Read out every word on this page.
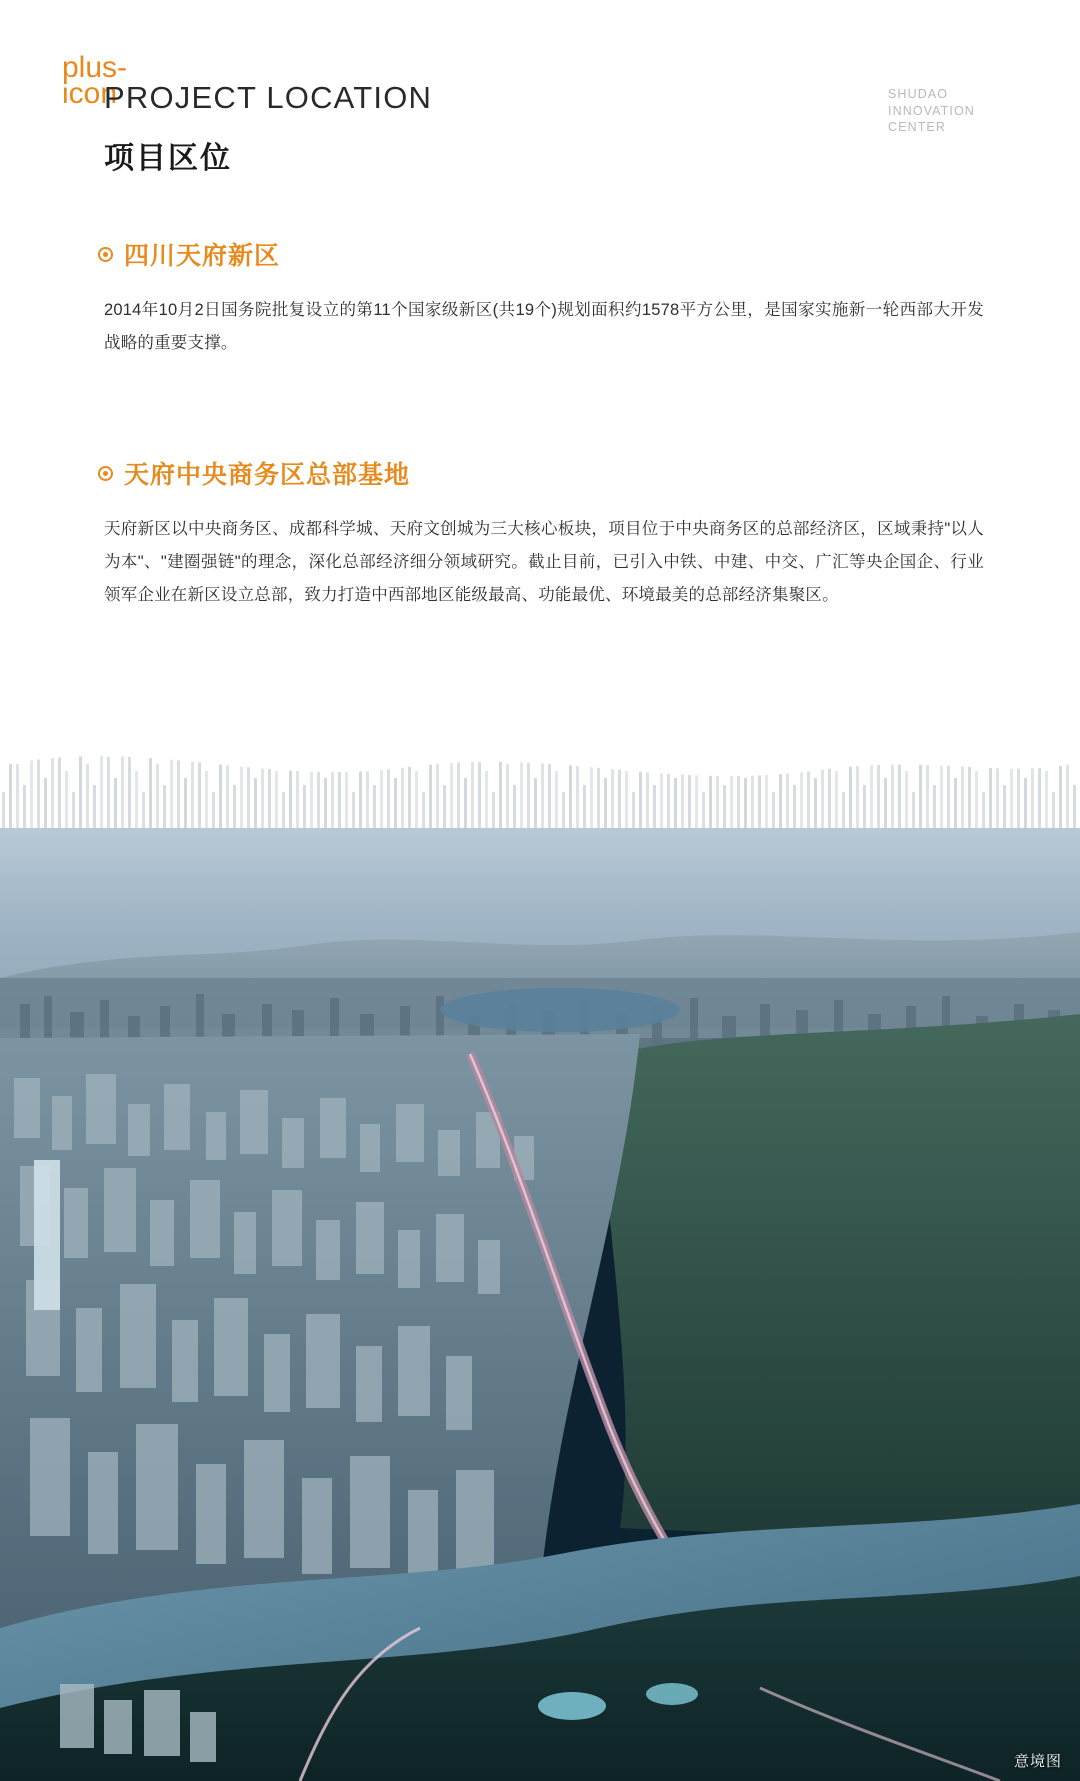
plus-icon
PROJECT LOCATION
项目区位
SHUDAO
INNOVATION
CENTER
四川天府新区
2014年10月2日国务院批复设立的第11个国家级新区(共19个)规划面积约1578平方公里，是国家实施新一轮西部大开发战略的重要支撑。
天府中央商务区总部基地
天府新区以中央商务区、成都科学城、天府文创城为三大核心板块，项目位于中央商务区的总部经济区，区域秉持"以人为本"、"建圈强链"的理念，深化总部经济细分领域研究。截止目前，已引入中铁、中建、中交、广汇等央企国企、行业领军企业在新区设立总部，致力打造中西部地区能级最高、功能最优、环境最美的总部经济集聚区。
意境图
